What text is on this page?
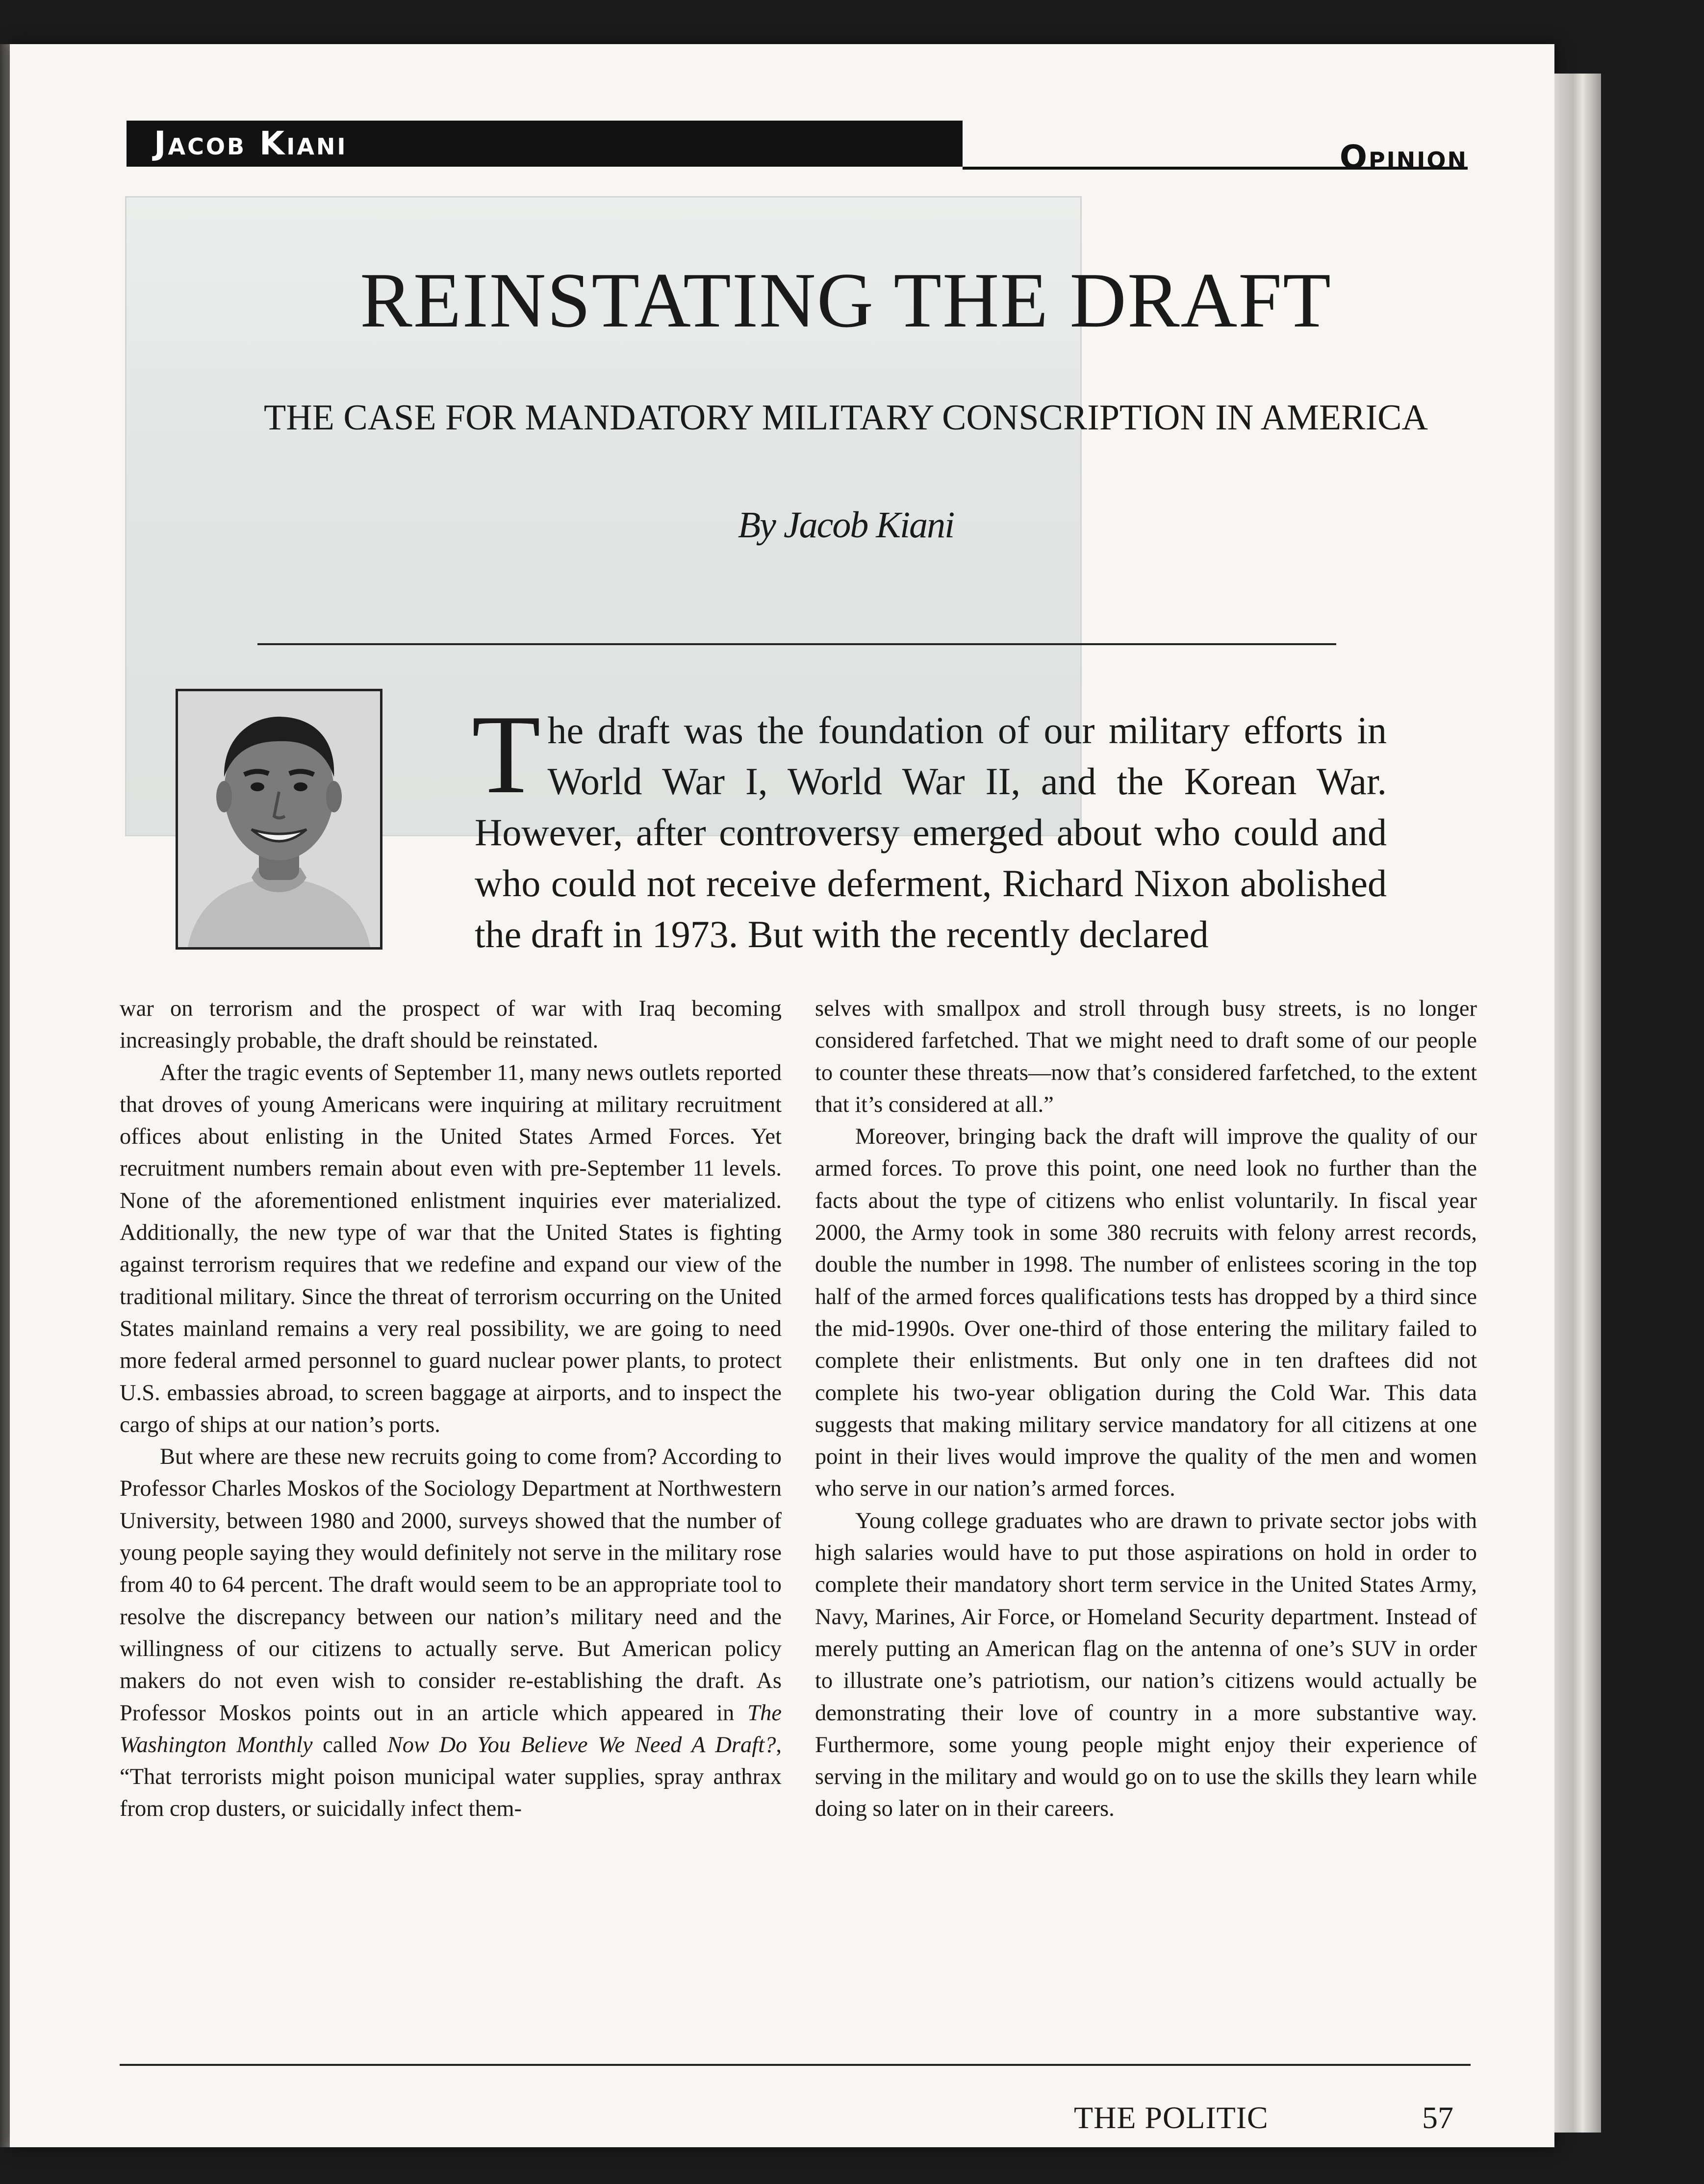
Jacob Kiani	Opinion
REINSTATING THE DRAFT
THE CASE FOR MANDATORY MILITARY CONSCRIPTION IN AMERICA
By Jacob Kiani

The draft was the foundation of our military efforts in World War I, World War II, and the Korean War. However, after controversy emerged about who could and who could not receive deferment, Richard Nixon abolished the draft in 1973. But with the recently declared

war on terrorism and the prospect of war with Iraq becoming increasingly probable, the draft should be reinstated.

After the tragic events of September 11, many news outlets reported that droves of young Americans were inquiring at military recruitment offices about enlisting in the United States Armed Forces. Yet recruitment numbers remain about even with pre-September 11 levels. None of the aforementioned enlistment inquiries ever materialized. Additionally, the new type of war that the United States is fighting against terrorism requires that we redefine and expand our view of the traditional military. Since the threat of terrorism occurring on the United States mainland remains a very real possibility, we are going to need more federal armed personnel to guard nuclear power plants, to protect U.S. embassies abroad, to screen baggage at airports, and to inspect the cargo of ships at our nation’s ports.

But where are these new recruits going to come from? According to Professor Charles Moskos of the Sociology Department at Northwestern University, between 1980 and 2000, surveys showed that the number of young people saying they would definitely not serve in the military rose from 40 to 64 percent. The draft would seem to be an appropriate tool to resolve the discrepancy between our nation’s military need and the willingness of our citizens to actually serve. But American policy makers do not even wish to consider re-establishing the draft. As Professor Moskos points out in an article which appeared in The Washington Monthly called Now Do You Believe We Need A Draft?, “That terrorists might poison municipal water supplies, spray anthrax from crop dusters, or suicidally infect them-

selves with smallpox and stroll through busy streets, is no longer considered farfetched. That we might need to draft some of our people to counter these threats—now that’s considered farfetched, to the extent that it’s considered at all.”

Moreover, bringing back the draft will improve the quality of our armed forces. To prove this point, one need look no further than the facts about the type of citizens who enlist voluntarily. In fiscal year 2000, the Army took in some 380 recruits with felony arrest records, double the number in 1998. The number of enlistees scoring in the top half of the armed forces qualifications tests has dropped by a third since the mid-1990s. Over one-third of those entering the military failed to complete their enlistments. But only one in ten draftees did not complete his two-year obligation during the Cold War. This data suggests that making military service mandatory for all citizens at one point in their lives would improve the quality of the men and women who serve in our nation’s armed forces.

Young college graduates who are drawn to private sector jobs with high salaries would have to put those aspirations on hold in order to complete their mandatory short term service in the United States Army, Navy, Marines, Air Force, or Homeland Security department. Instead of merely putting an American flag on the antenna of one’s SUV in order to illustrate one’s patriotism, our nation’s citizens would actually be demonstrating their love of country in a more substantive way. Furthermore, some young people might enjoy their experience of serving in the military and would go on to use the skills they learn while doing so later on in their careers.

THE POLITIC	57
